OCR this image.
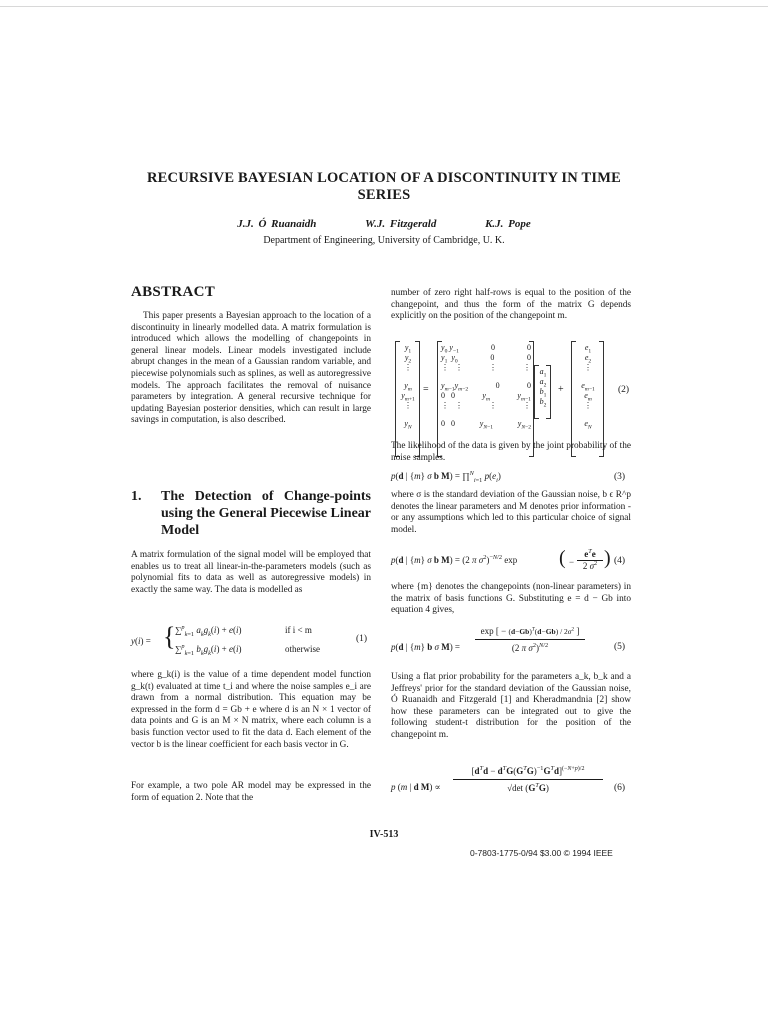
RECURSIVE BAYESIAN LOCATION OF A DISCONTINUITY IN TIME SERIES
J.J. Ó Ruanaidh	W.J. Fitzgerald	K.J. Pope
Department of Engineering, University of Cambridge, U. K.
ABSTRACT
This paper presents a Bayesian approach to the location of a discontinuity in linearly modelled data. A matrix formulation is introduced which allows the modelling of changepoints in general linear models. Linear models investigated include abrupt changes in the mean of a Gaussian random variable, and piecewise polynomials such as splines, as well as autoregressive models. The approach facilitates the removal of nuisance parameters by integration. A general recursive technique for updating Bayesian posterior densities, which can result in large savings in computation, is also described.
1. The Detection of Change-points using the General Piecewise Linear Model
A matrix formulation of the signal model will be employed that enables us to treat all linear-in-the-parameters models (such as polynomial fits to data as well as autoregressive models) in exactly the same way. The data is modelled as
y(i) = { ∑$^p_{k=1}$ $a_kg_k(i) + e(i)$
∑$^p_{k=1}$ $b_kg_k(i) + e(i)$
if i < m
otherwise
(1)
where g_k(i) is the value of a time dependent model function g_k(t) evaluated at time t_i and where the noise samples e_i are drawn from a normal distribution. This equation may be expressed in the form d = Gb + e where d is an N × 1 vector of data points and G is an M × N matrix, where each column is a basis function vector used to fit the data d. Each element of the vector b is the linear coefficient for each basis vector in G.
For example, a two pole AR model may be expressed in the form of equation 2. Note that the
number of zero right half-rows is equal to the position of the changepoint, and thus the form of the matrix G depends explicitly on the position of the changepoint m.
$y_1$
$y_2$
⋮
$y_m$
$y_{m+1}$
⋮
$y_N$
=
$y_0$ $y_{-1}$	0	0
$y_1$ $y_0$	0	0
⋮   ⋮	⋮	⋮
$y_{m-1}y_{m-2}$	0	0
0   0	$y_m$	$y_{m-1}$
⋮   ⋮	⋮	⋮
0   0	$y_{N-1}$	$y_{N-2}$
$a_1$
$a_2$
$b_1$
$b_2$
+
$e_1$
$e_2$
⋮
$e_{m-1}$
$e_m$
⋮
$e_N$
(2)
The likelihood of the data is given by the joint probability of the noise samples.
p(d | {m} σ b M) = ∏$^N_{i=1}$ $p(e_i)$	(3)
where σ is the standard deviation of the Gaussian noise, b ϵ R^p denotes the linear parameters and M denotes prior information - or any assumptions which led to this particular choice of signal model.
p(d | {m} σ b M) = (2 π $\sigma^2)^{-N/2}$ exp ( −
$e^Te$
2 $\sigma^2$ ) (4)
where {m} denotes the changepoints (non-linear parameters) in the matrix of basis functions G. Substituting e = d − Gb into equation 4 gives,
p(d | {m} b σ M) =
exp [ − $(d-Gb)^T(d-Gb) / 2\sigma^2$ ]
(2 π $\sigma^2)^{N/2}$	(5)
Using a flat prior probability for the parameters a_k, b_k and a Jeffreys' prior for the standard deviation of the Gaussian noise, Ó Ruanaidh and Fitzgerald [1] and Kheradmandnia [2] show how these parameters can be integrated out to give the following student-t distribution for the position of the changepoint m.
p (m | d M) ∝
$[d^Td - d^TG(G^TG)^{-1}G^Td]^{(-N+p)/2}$
√det $(G^TG)$	(6)
IV-513
0-7803-1775-0/94 $3.00 © 1994 IEEE
